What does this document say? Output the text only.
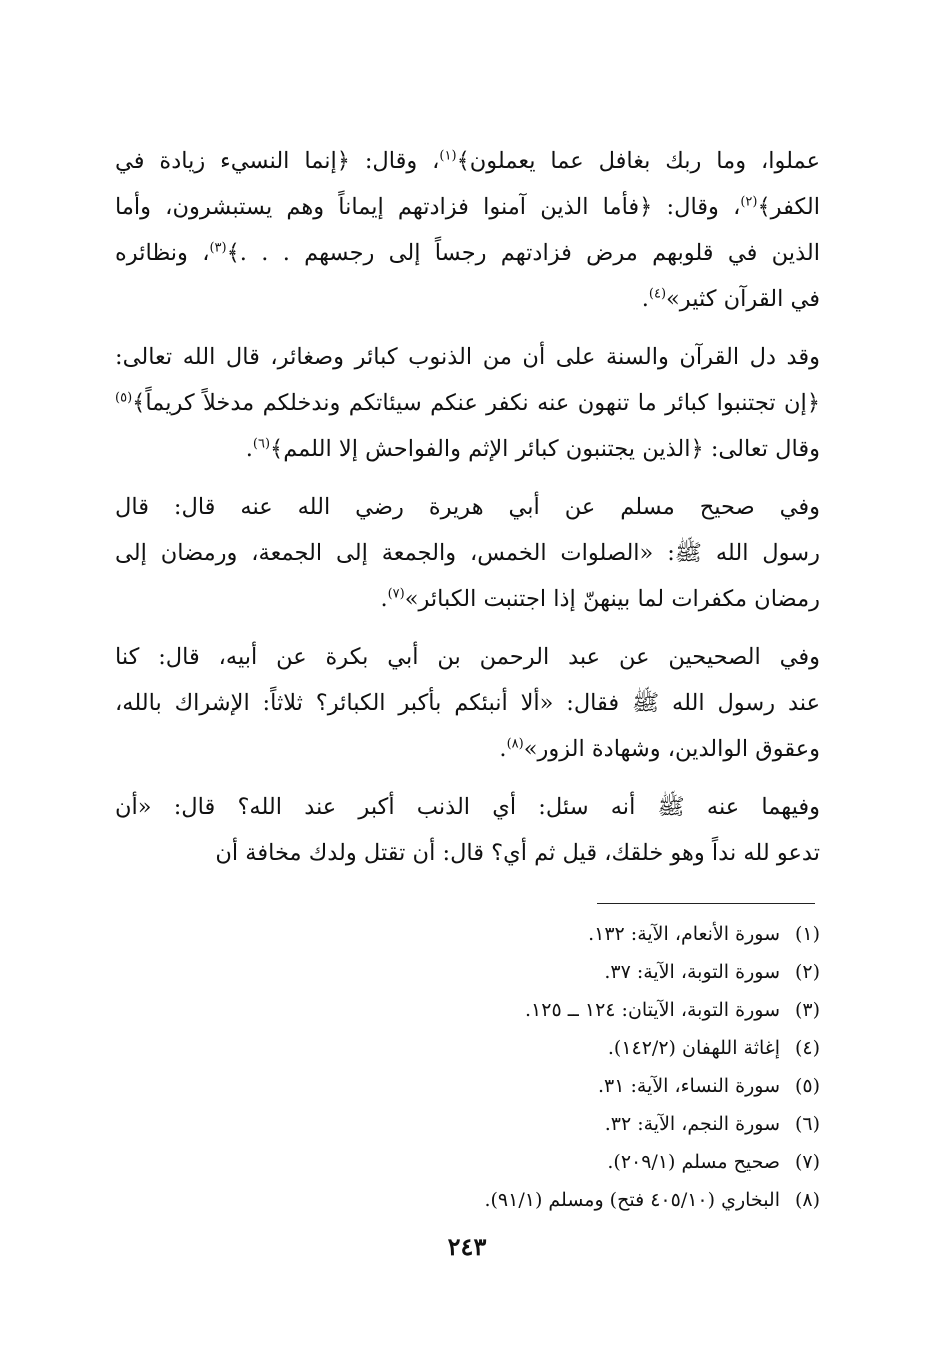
عملوا، وما ربك بغافل عما يعملون﴾$^{(١)}$، وقال: ﴿إنما النسيء زيادة في
الكفر﴾$^{(٢)}$، وقال: ﴿فأما الذين آمنوا فزادتهم إيماناً وهم يستبشرون، وأما
الذين في قلوبهم مرض فزادتهم رجساً إلى رجسهم . . .﴾$^{(٣)}$، ونظائره
في القرآن كثير»$^{(٤)}$.

وقد دل القرآن والسنة على أن من الذنوب كبائر وصغائر، قال الله تعالى:
﴿إن تجتنبوا كبائر ما تنهون عنه نكفر عنكم سيئاتكم وندخلكم مدخلاً كريماً﴾$^{(٥)}$
وقال تعالى: ﴿الذين يجتنبون كبائر الإثم والفواحش إلا اللمم﴾$^{(٦)}$.

وفي صحيح مسلم عن أبي هريرة رضي الله عنه قال: قال
رسول الله ﷺ: «الصلوات الخمس، والجمعة إلى الجمعة، ورمضان إلى
رمضان مكفرات لما بينهنّ إذا اجتنبت الكبائر»$^{(٧)}$.

وفي الصحيحين عن عبد الرحمن بن أبي بكرة عن أبيه، قال: كنا
عند رسول الله ﷺ فقال: «ألا أنبئكم بأكبر الكبائر؟ ثلاثاً: الإشراك بالله،
وعقوق الوالدين، وشهادة الزور»$^{(٨)}$.

وفيهما عنه ﷺ أنه سئل: أي الذنب أكبر عند الله؟ قال: «أن
تدعو لله نداً وهو خلقك، قيل ثم أي؟ قال: أن تقتل ولدك مخافة أن

(١)سورة الأنعام، الآية: ١٣٢.
(٢)سورة التوبة، الآية: ٣٧.
(٣)سورة التوبة، الآيتان: ١٢٤ ــ ١٢٥.
(٤)إغاثة اللهفان (١٤٢/٢).
(٥)سورة النساء، الآية: ٣١.
(٦)سورة النجم، الآية: ٣٢.
(٧)صحيح مسلم (٢٠٩/١).
(٨)البخاري (٤٠٥/١٠ فتح) ومسلم (٩١/١).
٢٤٣
